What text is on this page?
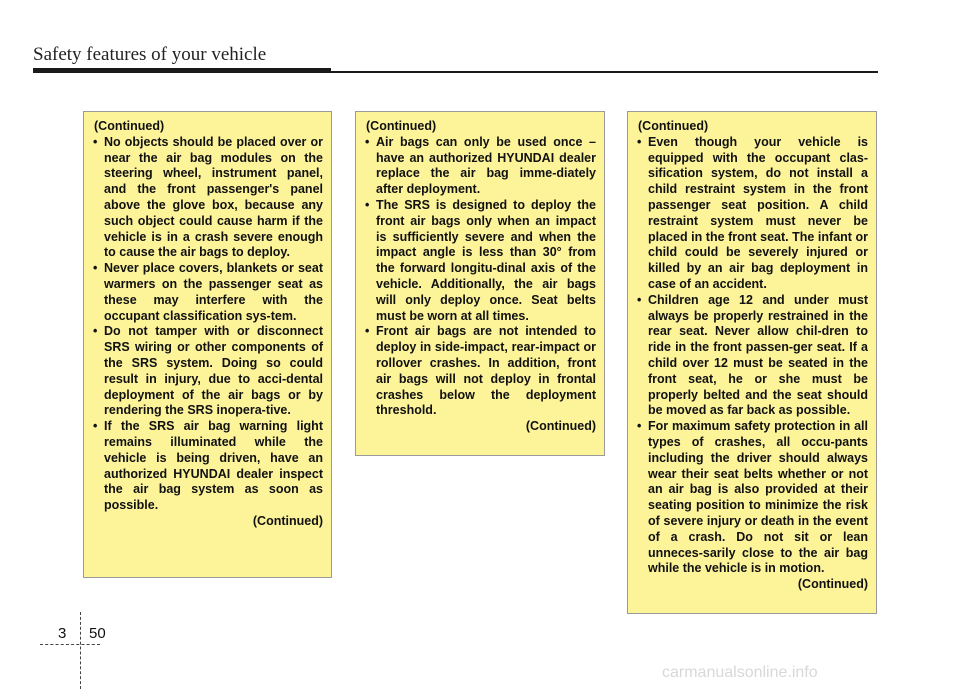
Safety features of your vehicle
(Continued)
• No objects should be placed over or near the air bag modules on the steering wheel, instrument panel, and the front passenger's panel above the glove box, because any such object could cause harm if the vehicle is in a crash severe enough to cause the air bags to deploy.
• Never place covers, blankets or seat warmers on the passenger seat as these may interfere with the occupant classification sys-tem.
• Do not tamper with or disconnect SRS wiring or other components of the SRS system. Doing so could result in injury, due to acci-dental deployment of the air bags or by rendering the SRS inopera-tive.
• If the SRS air bag warning light remains illuminated while the vehicle is being driven, have an authorized HYUNDAI dealer inspect the air bag system as soon as possible.
(Continued)
(Continued)
• Air bags can only be used once – have an authorized HYUNDAI dealer replace the air bag imme-diately after deployment.
• The SRS is designed to deploy the front air bags only when an impact is sufficiently severe and when the impact angle is less than 30° from the forward longitu-dinal axis of the vehicle. Additionally, the air bags will only deploy once. Seat belts must be worn at all times.
• Front air bags are not intended to deploy in side-impact, rear-impact or rollover crashes. In addition, front air bags will not deploy in frontal crashes below the deployment threshold.
(Continued)
(Continued)
• Even though your vehicle is equipped with the occupant clas-sification system, do not install a child restraint system in the front passenger seat position. A child restraint system must never be placed in the front seat. The infant or child could be severely injured or killed by an air bag deployment in case of an accident.
• Children age 12 and under must always be properly restrained in the rear seat. Never allow chil-dren to ride in the front passen-ger seat. If a child over 12 must be seated in the front seat, he or she must be properly belted and the seat should be moved as far back as possible.
• For maximum safety protection in all types of crashes, all occu-pants including the driver should always wear their seat belts whether or not an air bag is also provided at their seating position to minimize the risk of severe injury or death in the event of a crash. Do not sit or lean unneces-sarily close to the air bag while the vehicle is in motion.
(Continued)
3 50
carmanualsonline.info
